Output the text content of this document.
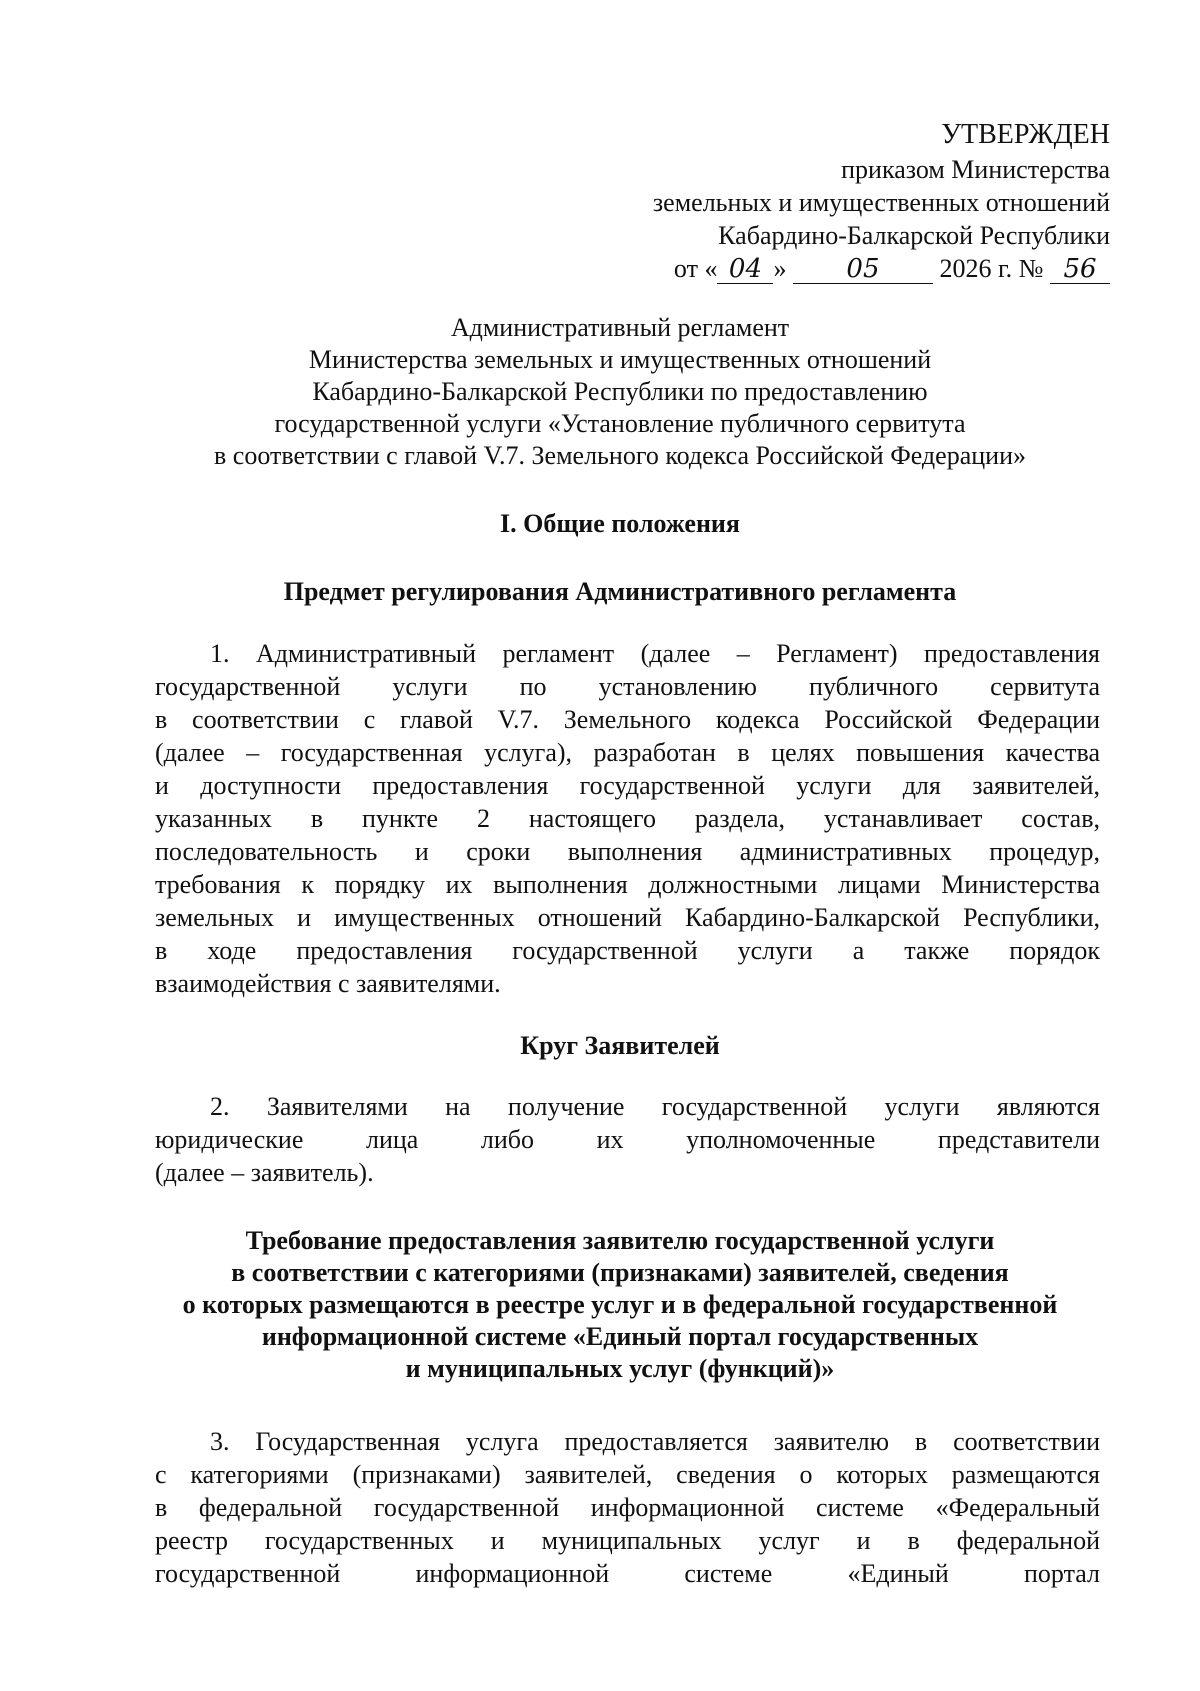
УТВЕРЖДЕН
приказом Министерства
земельных и имущественных отношений
Кабардино-Балкарской Республики
от « 04 » 05 2026 г. № 56
Административный регламент
Министерства земельных и имущественных отношений
Кабардино-Балкарской Республики по предоставлению
государственной услуги «Установление публичного сервитута
в соответствии с главой V.7. Земельного кодекса Российской Федерации»
I. Общие положения
Предмет регулирования Административного регламента
1. Административный регламент (далее – Регламент) предоставления
государственной услуги по установлению публичного сервитута
в соответствии с главой V.7. Земельного кодекса Российской Федерации
(далее – государственная услуга), разработан в целях повышения качества
и доступности предоставления государственной услуги для заявителей,
указанных в пункте 2 настоящего раздела, устанавливает состав,
последовательность и сроки выполнения административных процедур,
требования к порядку их выполнения должностными лицами Министерства
земельных и имущественных отношений Кабардино-Балкарской Республики,
в ходе предоставления государственной услуги а также порядок
взаимодействия с заявителями.
Круг Заявителей
2. Заявителями на получение государственной услуги являются
юридические лица либо их уполномоченные представители
(далее – заявитель).
Требование предоставления заявителю государственной услуги
в соответствии с категориями (признаками) заявителей, сведения
о которых размещаются в реестре услуг и в федеральной государственной
информационной системе «Единый портал государственных
и муниципальных услуг (функций)»
3. Государственная услуга предоставляется заявителю в соответствии
с категориями (признаками) заявителей, сведения о которых размещаются
в федеральной государственной информационной системе «Федеральный
реестр государственных и муниципальных услуг и в федеральной
государственной информационной системе «Единый портал
